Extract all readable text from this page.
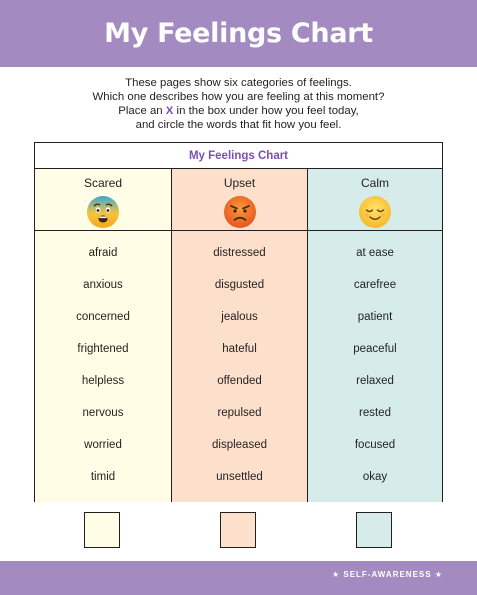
My Feelings Chart
These pages show six categories of feelings.
Which one describes how you are feeling at this moment?
Place an X in the box under how you feel today,
and circle the words that fit how you feel.
My Feelings Chart
Scared
afraid
anxious
concerned
frightened
helpless
nervous
worried
timid
Upset
distressed
disgusted
jealous
hateful
offended
repulsed
displeased
unsettled
Calm
at ease
carefree
patient
peaceful
relaxed
rested
focused
okay
★ SELF-AWARENESS ★
